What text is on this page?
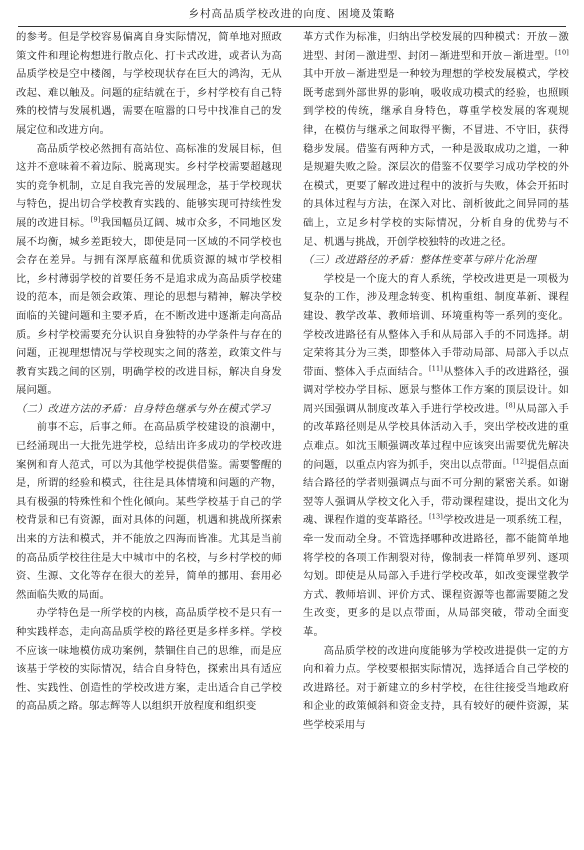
乡村高品质学校改进的向度、困境及策略

的参考。但是学校容易偏离自身实际情况，简单地对照政策文件和理论构想进行散点化、打卡式改进，或者认为高品质学校是空中楼阁，与学校现状存在巨大的鸿沟，无从改起、难以触及。问题的症结就在于，乡村学校有自己特殊的校情与发展机遇，需要在喧嚣的口号中找准自己的发展定位和改进方向。

高品质学校必然拥有高站位、高标准的发展目标，但这并不意味着不着边际、脱离现实。乡村学校需要超越现实的竞争机制，立足自我完善的发展理念，基于学校现状与特色，提出切合学校教育实践的、能够实现可持续性发展的改进目标。[9]我国幅员辽阔、城市众多，不同地区发展不均衡，城乡差距较大，即使是同一区域的不同学校也会存在差异。与拥有深厚底蕴和优质资源的城市学校相比，乡村薄弱学校的首要任务不是追求成为高品质学校建设的范本，而是领会政策、理论的思想与精神，解决学校面临的关键问题和主要矛盾，在不断改进中逐渐走向高品质。乡村学校需要充分认识自身独特的办学条件与存在的问题，正视理想情况与学校现实之间的落差，政策文件与教育实践之间的区别，明确学校的改进目标，解决自身发展问题。

（二）改进方法的矛盾：自身特色继承与外在模式学习

前事不忘，后事之师。在高品质学校建设的浪潮中，已经涌现出一大批先进学校，总结出许多成功的学校改进案例和育人范式，可以为其他学校提供借鉴。需要警醒的是，所谓的经验和模式，往往是具体情境和问题的产物，具有极强的特殊性和个性化倾向。某些学校基于自己的学校背景和已有资源，面对具体的问题，机遇和挑战所探索出来的方法和模式，并不能放之四海而皆准。尤其是当前的高品质学校往往是大中城市中的名校，与乡村学校的师资、生源、文化等存在很大的差异，简单的挪用、套用必然面临失败的局面。

办学特色是一所学校的内核，高品质学校不是只有一种实践样态，走向高品质学校的路径更是多样多样。学校不应该一味地模仿成功案例，禁锢住自己的思维，而是应该基于学校的实际情况，结合自身特色，探索出具有适应性、实践性、创造性的学校改进方案，走出适合自己学校的高品质之路。邬志辉等人以组织开放程度和组织变

革方式作为标准，归纳出学校发展的四种模式：开放－激进型、封闭－激进型、封闭－渐进型和开放－渐进型。[10]其中开放－渐进型是一种较为理想的学校发展模式，学校既考虑到外部世界的影响，吸收成功模式的经验，也照顾到学校的传统，继承自身特色，尊重学校发展的客观规律，在模仿与继承之间取得平衡，不冒进、不守旧，获得稳步发展。借鉴有两种方式，一种是汲取成功之道，一种是规避失败之险。深层次的借鉴不仅要学习成功学校的外在模式，更要了解改进过程中的波折与失败，体会开拓时的具体过程与方法，在深入对比、剖析彼此之间异同的基础上，立足乡村学校的实际情况，分析自身的优势与不足、机遇与挑战，开创学校独特的改进之径。

（三）改进路径的矛盾：整体性变革与碎片化治理

学校是一个庞大的育人系统，学校改进更是一项极为复杂的工作，涉及理念转变、机构重组、制度革新、课程建设、教学改革、教师培训、环境重构等一系列的变化。学校改进路径有从整体入手和从局部入手的不同选择。胡定荣将其分为三类，即整体入手带动局部、局部入手以点带面、整体入手点面结合。[11]从整体入手的改进路径，强调对学校办学目标、愿景与整体工作方案的顶层设计。如周兴国强调从制度改革入手进行学校改进。[8]从局部入手的改革路径则是从学校具体活动入手，突出学校改进的重点难点。如沈玉顺强调改革过程中应该突出需要优先解决的问题，以重点内容为抓手，突出以点带面。[12]提倡点面结合路径的学者则强调点与面不可分割的紧密关系。如谢翌等人强调从学校文化入手，带动课程建设，提出文化为魂、课程作道的变革路径。[13]学校改进是一项系统工程，牵一发而动全身。不管选择哪种改进路径，都不能简单地将学校的各项工作割裂对待，像制表一样简单罗列、逐项勾划。即使是从局部入手进行学校改革，如改变课堂教学方式、教师培训、评价方式、课程资源等也都需要随之发生改变，更多的是以点带面，从局部突破，带动全面变革。

高品质学校的改进向度能够为学校改进提供一定的方向和着力点。学校要根据实际情况，选择适合自己学校的改进路径。对于新建立的乡村学校，在往往接受当地政府和企业的政策倾斜和资金支持，具有较好的硬件资源，某些学校采用与
